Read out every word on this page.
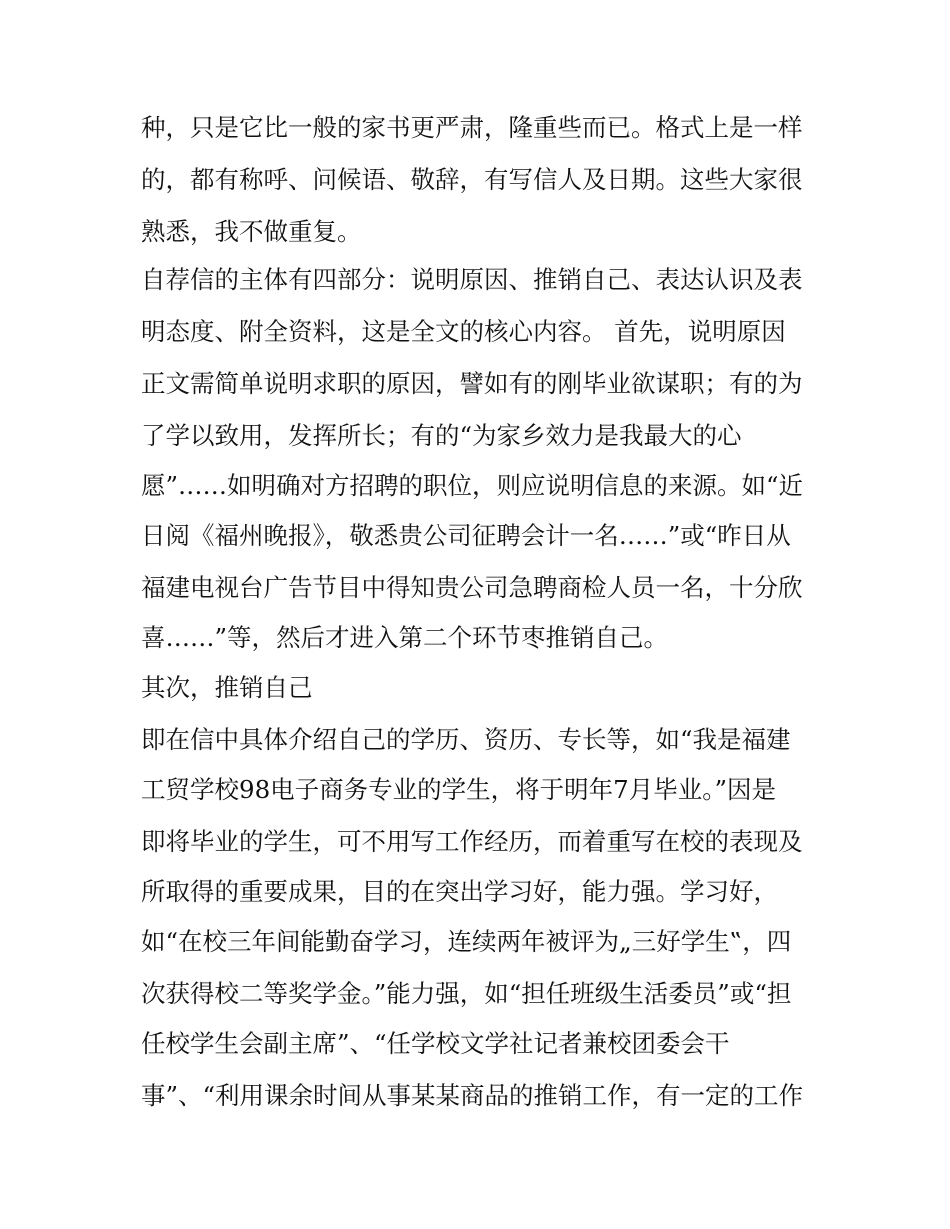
种，只是它比一般的家书更严肃，隆重些而已。格式上是一样
的，都有称呼、问候语、敬辞，有写信人及日期。这些大家很
熟悉，我不做重复。
自荐信的主体有四部分：说明原因、推销自己、表达认识及表
明态度、附全资料，这是全文的核心内容。 首先，说明原因
正文需简单说明求职的原因，譬如有的刚毕业欲谋职；有的为
了学以致用，发挥所长；有的“为家乡效力是我最大的心
愿”……如明确对方招聘的职位，则应说明信息的来源。如“近
日阅《福州晚报》，敬悉贵公司征聘会计一名……”或“昨日从
福建电视台广告节目中得知贵公司急聘商检人员一名，十分欣
喜……”等，然后才进入第二个环节枣推销自己。
其次，推销自己
即在信中具体介绍自己的学历、资历、专长等，如“我是福建
工贸学校98电子商务专业的学生，将于明年7月毕业。”因是
即将毕业的学生，可不用写工作经历，而着重写在校的表现及
所取得的重要成果，目的在突出学习好，能力强。学习好，
如“在校三年间能勤奋学习，连续两年被评为„三好学生‟，四
次获得校二等奖学金。”能力强，如“担任班级生活委员”或“担
任校学生会副主席”、“任学校文学社记者兼校团委会干
事”、“利用课余时间从事某某商品的推销工作，有一定的工作
